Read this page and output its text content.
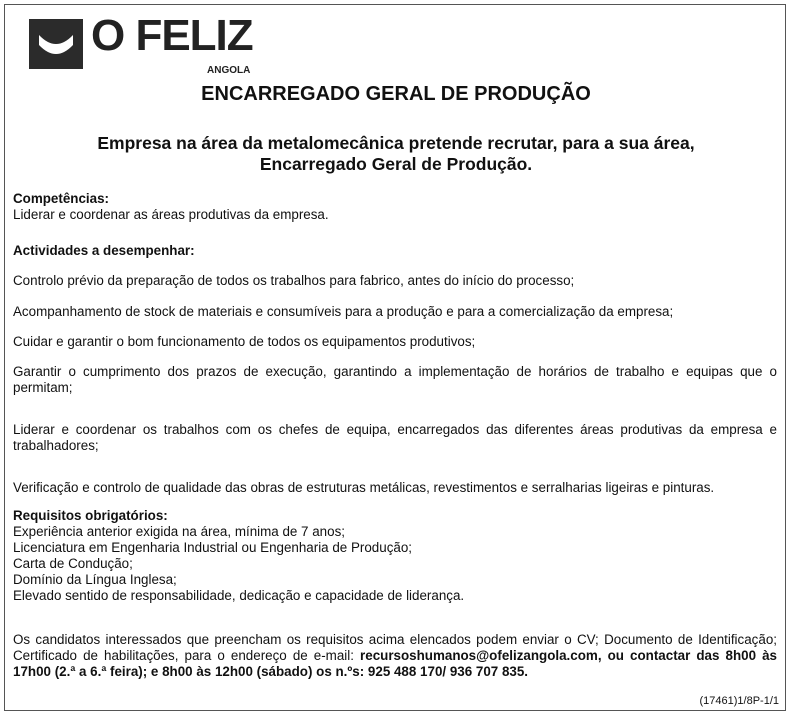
O FELIZ
ANGOLA
ENCARREGADO GERAL DE PRODUÇÃO
Empresa na área da metalomecânica pretende recrutar, para a sua área,
Encarregado Geral de Produção.
Competências:
Liderar e coordenar as áreas produtivas da empresa.
Actividades a desempenhar:
Controlo prévio da preparação de todos os trabalhos para fabrico, antes do início do processo;
Acompanhamento de stock de materiais e consumíveis para a produção e para a comercialização da empresa;
Cuidar e garantir o bom funcionamento de todos os equipamentos produtivos;
Garantir o cumprimento dos prazos de execução, garantindo a implementação de horários de trabalho e equipas que o permitam;
Liderar e coordenar os trabalhos com os chefes de equipa, encarregados das diferentes áreas produtivas da empresa e trabalhadores;
Verificação e controlo de qualidade das obras de estruturas metálicas, revestimentos e serralharias ligeiras e pinturas.
Requisitos obrigatórios:
Experiência anterior exigida na área, mínima de 7 anos;
Licenciatura em Engenharia Industrial ou Engenharia de Produção;
Carta de Condução;
Domínio da Língua Inglesa;
Elevado sentido de responsabilidade, dedicação e capacidade de liderança.
Os candidatos interessados que preencham os requisitos acima elencados podem enviar o CV; Documento de Identificação; Certificado de habilitações, para o endereço de e-mail: recursoshumanos@ofelizangola.com, ou contactar das 8h00 às 17h00 (2.ª a 6.ª feira); e 8h00 às 12h00 (sábado) os n.ºs: 925 488 170/ 936 707 835.
(17461)1/8P-1/1
